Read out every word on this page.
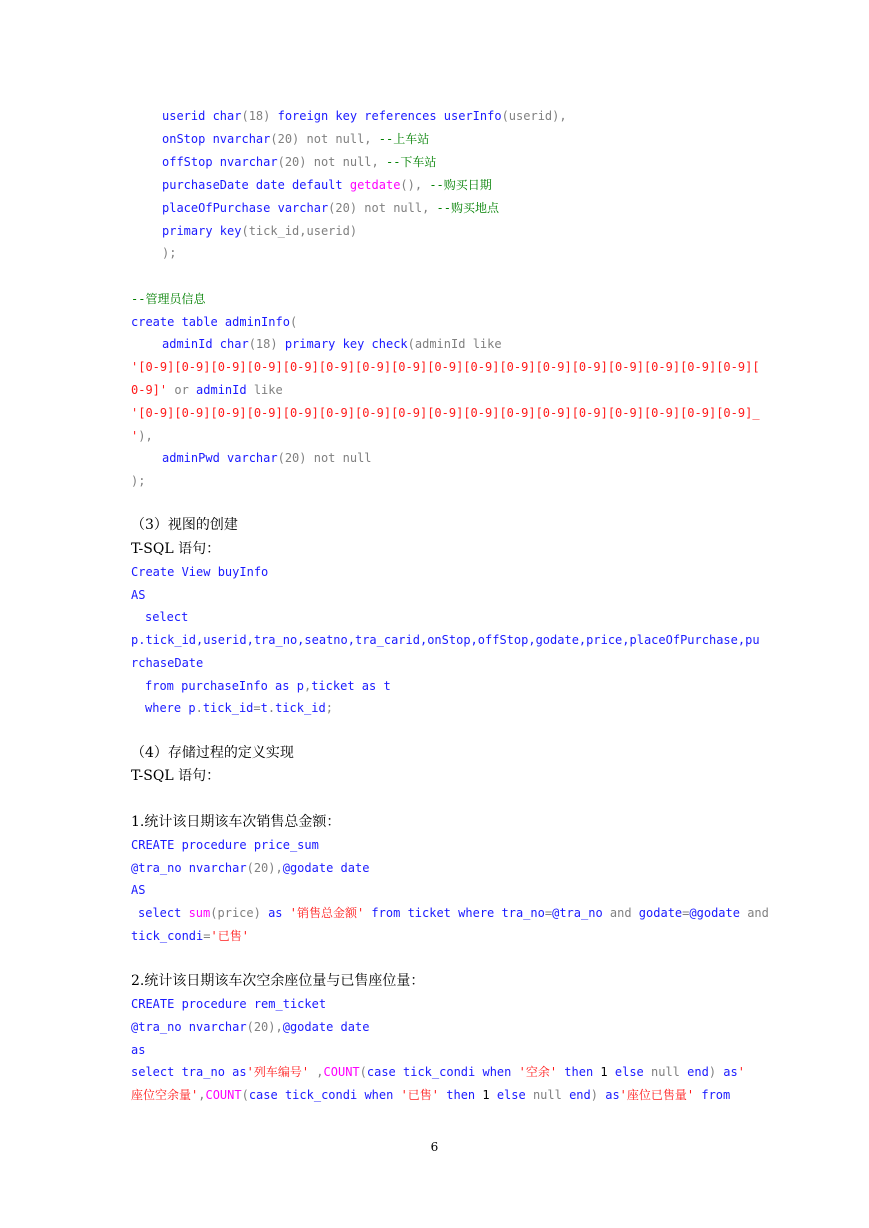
userid char(18) foreign key references userInfo(userid),
onStop nvarchar(20) not null, --上车站
offStop nvarchar(20) not null, --下车站
purchaseDate date default getdate(), --购买日期
placeOfPurchase varchar(20) not null, --购买地点
primary key(tick_id,userid)
);
--管理员信息
create table adminInfo(
adminId char(18) primary key check(adminId like
'[0-9][0-9][0-9][0-9][0-9][0-9][0-9][0-9][0-9][0-9][0-9][0-9][0-9][0-9][0-9][0-9][0-9][
0-9]' or adminId like
'[0-9][0-9][0-9][0-9][0-9][0-9][0-9][0-9][0-9][0-9][0-9][0-9][0-9][0-9][0-9][0-9][0-9]_
'),
adminPwd varchar(20) not null
);
（3）视图的创建
T-SQL 语句：
Create View buyInfo
AS
select
p.tick_id,userid,tra_no,seatno,tra_carid,onStop,offStop,godate,price,placeOfPurchase,pu
rchaseDate
from purchaseInfo as p,ticket as t
where p.tick_id=t.tick_id;
（4）存储过程的定义实现
T-SQL 语句：
1.统计该日期该车次销售总金额：
CREATE procedure price_sum
@tra_no nvarchar(20),@godate date
AS
select sum(price) as '销售总金额' from ticket where tra_no=@tra_no and godate=@godate and
tick_condi='已售'
2.统计该日期该车次空余座位量与已售座位量：
CREATE procedure rem_ticket
@tra_no nvarchar(20),@godate date
as
select tra_no as'列车编号' ,COUNT(case tick_condi when '空余' then 1 else null end) as'
座位空余量',COUNT(case tick_condi when '已售' then 1 else null end) as'座位已售量' from
6
